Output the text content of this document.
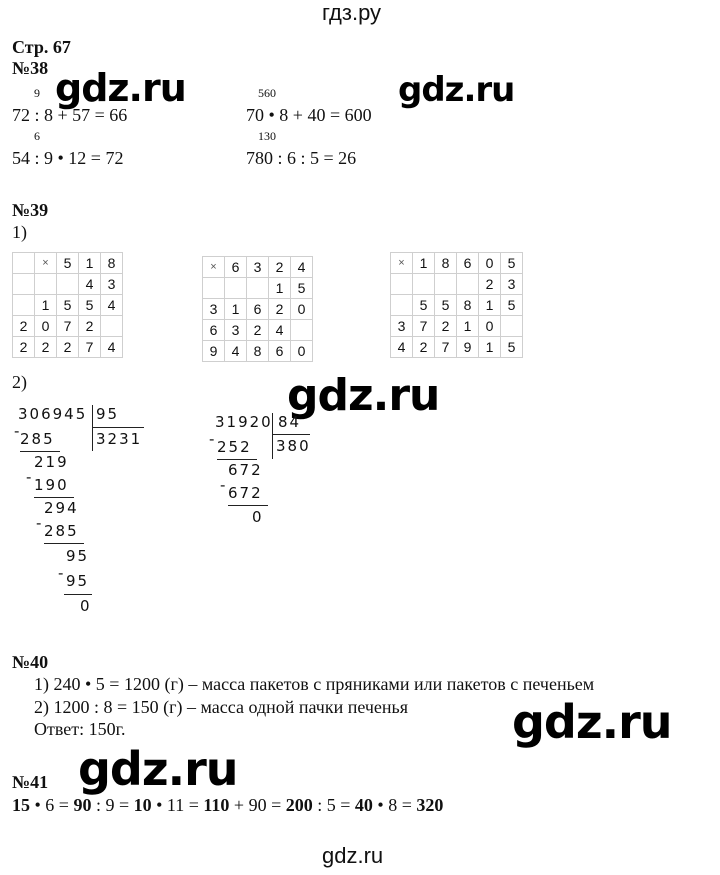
гдз.ру
gdz.ru
gdz.ru	gdz.ru
gdz.ru
gdz.ru
gdz.ru
Стр. 67
№38
9
72 : 8 + 57 = 66
560
70 • 8 + 40 = 600
6
54 : 9 • 12 = 72
130
780 : 6 : 5 = 26
№39
1)
	×	5	1	8
			4	3
	1	5	5	4
2	0	7	2	
2	2	2	7	4
×	6	3	2	4
			1	5
3	1	6	2	0
6	3	2	4	
9	4	8	6	0
×	1	8	6	0	5
				2	3
	5	5	8	1	5
3	7	2	1	0	
4	2	7	9	1	5
2)
306945 95
3231
-
285
219
- 190
294
- 285
95
- 95
0
31920 84
380
- 252
672
- 672
0
№40
1) 240 • 5 = 1200 (г) – масса пакетов с пряниками или пакетов с печеньем
2) 1200 : 8 = 150 (г) – масса одной пачки печенья
Ответ: 150г.
№41
15 • 6 = 90 : 9 = 10 • 11 = 110 + 90 = 200 : 5 = 40 • 8 = 320
